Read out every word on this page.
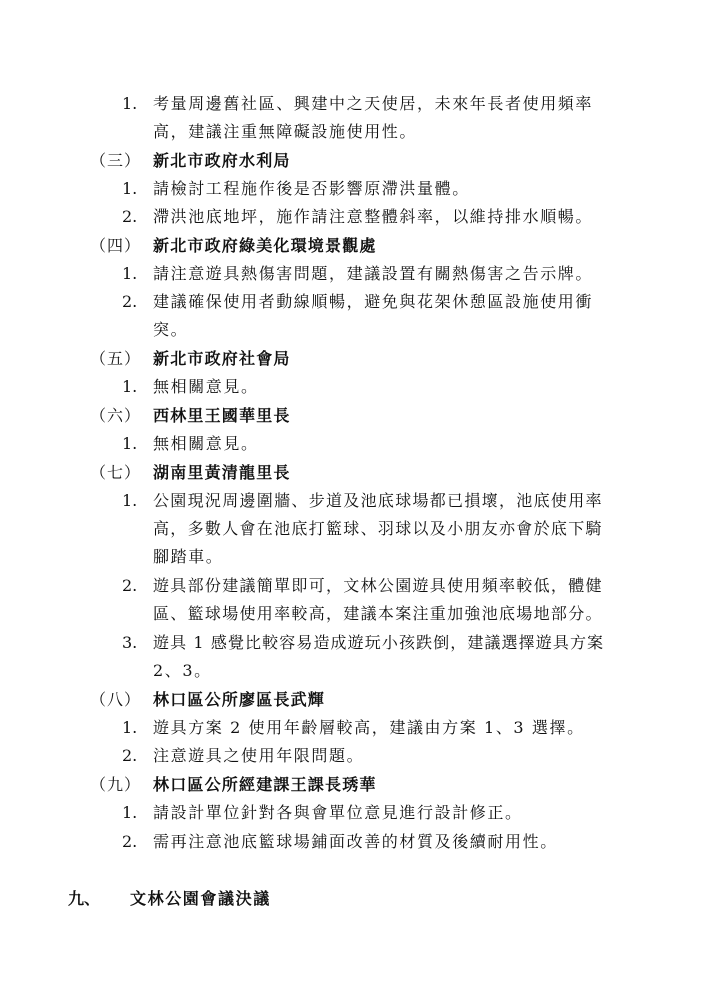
1. 考量周邊舊社區、興建中之天使居，未來年長者使用頻率
高，建議注重無障礙設施使用性。
（三） 新北市政府水利局
1. 請檢討工程施作後是否影響原滯洪量體。
2. 滯洪池底地坪，施作請注意整體斜率，以維持排水順暢。
（四） 新北市政府綠美化環境景觀處
1. 請注意遊具熱傷害問題，建議設置有關熱傷害之告示牌。
2. 建議確保使用者動線順暢，避免與花架休憩區設施使用衝
突。
（五） 新北市政府社會局
1. 無相關意見。
（六） 西林里王國華里長
1. 無相關意見。
（七） 湖南里黃清龍里長
1. 公園現況周邊圍牆、步道及池底球場都已損壞，池底使用率
高，多數人會在池底打籃球、羽球以及小朋友亦會於底下騎
腳踏車。
2. 遊具部份建議簡單即可，文林公園遊具使用頻率較低，體健
區、籃球場使用率較高，建議本案注重加強池底場地部分。
3. 遊具 1 感覺比較容易造成遊玩小孩跌倒，建議選擇遊具方案
2、3。
（八） 林口區公所廖區長武輝
1. 遊具方案 2 使用年齡層較高，建議由方案 1、3 選擇。
2. 注意遊具之使用年限問題。
（九） 林口區公所經建課王課長琇華
1. 請設計單位針對各與會單位意見進行設計修正。
2. 需再注意池底籃球場鋪面改善的材質及後續耐用性。
九、 文林公園會議決議
